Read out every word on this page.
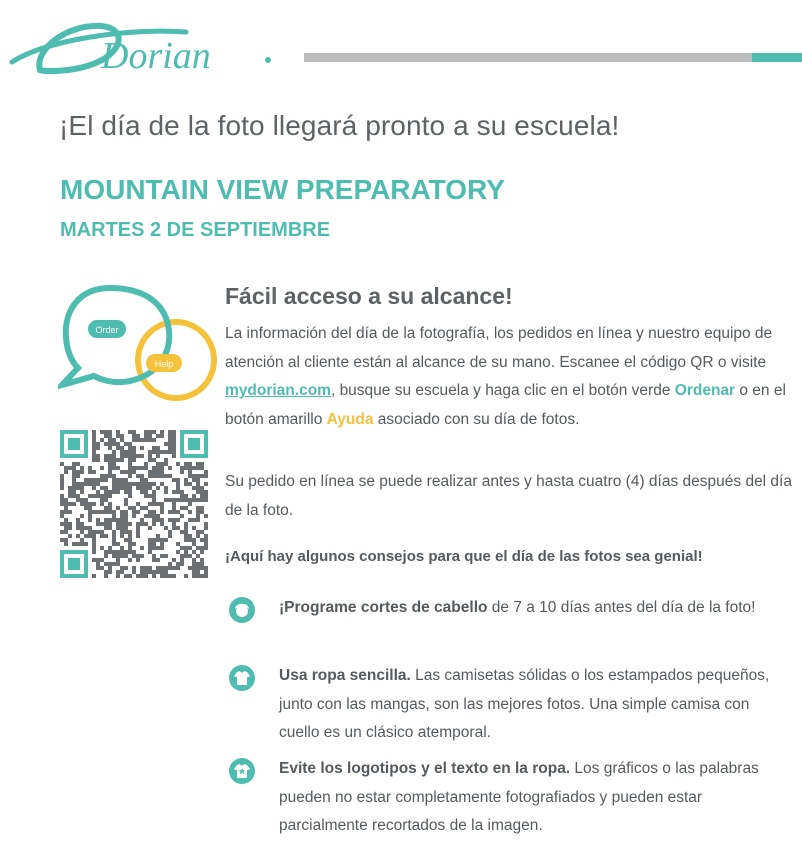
Dorian
¡El día de la foto llegará pronto a su escuela!
MOUNTAIN VIEW PREPARATORY
MARTES 2 DE SEPTIEMBRE
Order
Help
Fácil acceso a su alcance!

La información del día de la fotografía, los pedidos en línea y nuestro equipo de atención al cliente están al alcance de su mano. Escanee el código QR o visite mydorian.com, busque su escuela y haga clic en el botón verde Ordenar o en el botón amarillo Ayuda asociado con su día de fotos.

Su pedido en línea se puede realizar antes y hasta cuatro (4) días después del día de la foto.

¡Aquí hay algunos consejos para que el día de las fotos sea genial!
¡Programe cortes de cabello de 7 a 10 días antes del día de la foto!
Usa ropa sencilla. Las camisetas sólidas o los estampados pequeños, junto con las mangas, son las mejores fotos. Una simple camisa con cuello es un clásico atemporal.
Evite los logotipos y el texto en la ropa. Los gráficos o las palabras pueden no estar completamente fotografiados y pueden estar parcialmente recortados de la imagen.
